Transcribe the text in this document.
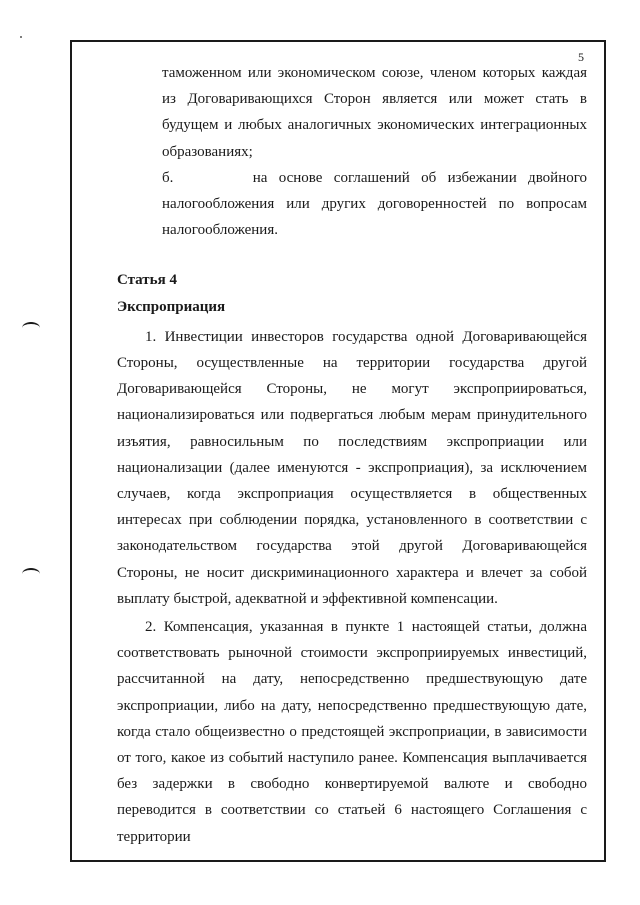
5

таможенном или экономическом союзе, членом которых каждая из Договаривающихся Сторон является или может стать в будущем и любых аналогичных экономических интеграционных образованиях;

б.	на основе соглашений об избежании двойного налогообложения или других договоренностей по вопросам налогообложения.

Статья 4

Экспроприация

1. Инвестиции инвесторов государства одной Договаривающейся Стороны, осуществленные на территории государства другой Договаривающейся Стороны, не могут экспроприироваться, национализироваться или подвергаться любым мерам принудительного изъятия, равносильным по последствиям экспроприации или национализации (далее именуются - экспроприация), за исключением случаев, когда экспроприация осуществляется в общественных интересах при соблюдении порядка, установленного в соответствии с законодательством государства этой другой Договаривающейся Стороны, не носит дискриминационного характера и влечет за собой выплату быстрой, адекватной и эффективной компенсации.

2. Компенсация, указанная в пункте 1 настоящей статьи, должна соответствовать рыночной стоимости экспроприируемых инвестиций, рассчитанной на дату, непосредственно предшествующую дате экспроприации, либо на дату, непосредственно предшествующую дате, когда стало общеизвестно о предстоящей экспроприации, в зависимости от того, какое из событий наступило ранее. Компенсация выплачивается без задержки в свободно конвертируемой валюте и свободно переводится в соответствии со статьей 6 настоящего Соглашения с территории
